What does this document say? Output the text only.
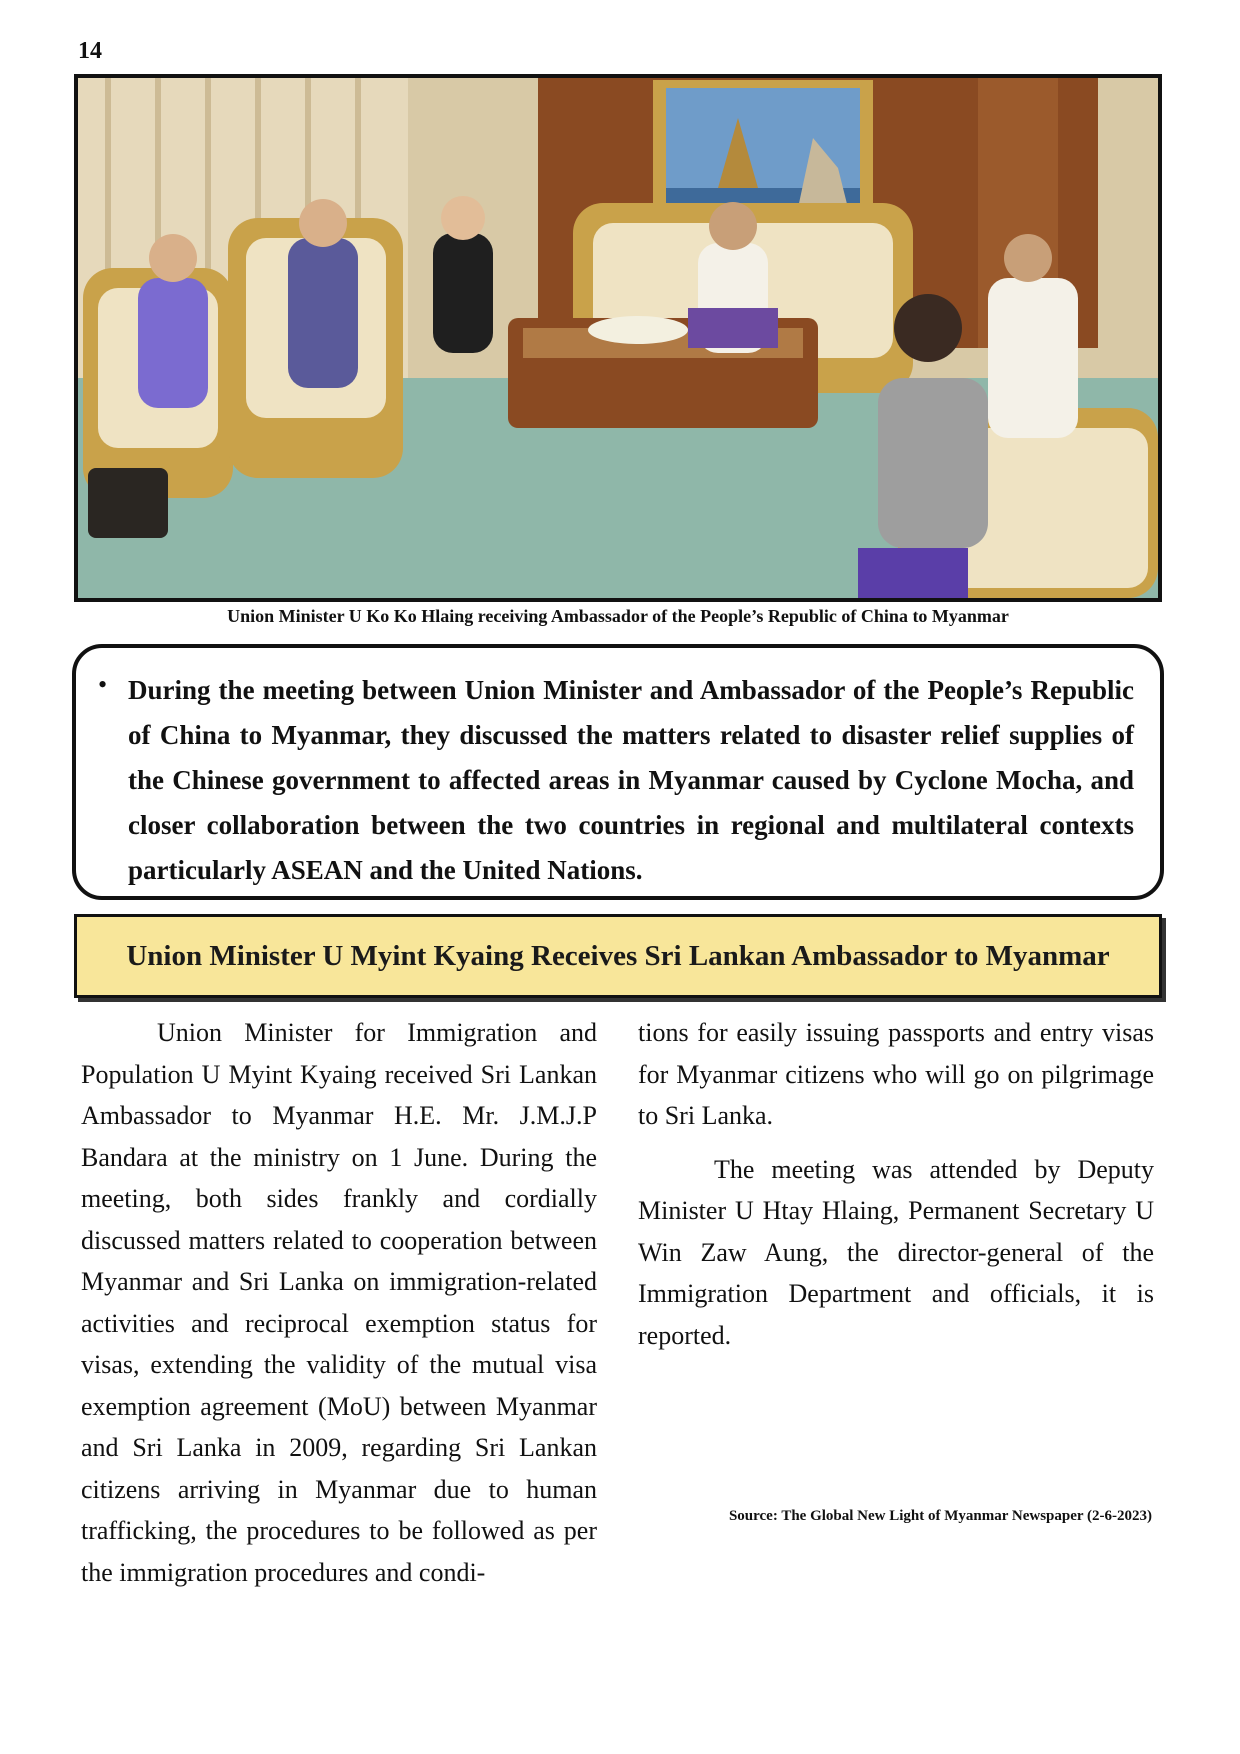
14
Union Minister U Ko Ko Hlaing receiving Ambassador of the People’s Republic of China to Myanmar
• During the meeting between Union Minister and Ambassador of the People’s Republic of China to Myanmar, they discussed the matters related to disaster relief supplies of the Chinese government to affected areas in Myanmar caused by Cyclone Mocha, and closer collaboration between the two countries in regional and multilateral contexts particularly ASEAN and the United Nations.

Union Minister U Myint Kyaing Receives Sri Lankan Ambassador to Myanmar

Union Minister for Immigration and Population U Myint Kyaing received Sri Lankan Ambassador to Myanmar H.E. Mr. J.M.J.P Bandara at the ministry on 1 June. During the meeting, both sides frankly and cordially discussed matters related to cooperation between Myanmar and Sri Lanka on immigration-related activities and reciprocal exemption status for visas, extending the validity of the mutual visa exemption agreement (MoU) between Myanmar and Sri Lanka in 2009, regarding Sri Lankan citizens arriving in Myanmar due to human trafficking, the procedures to be followed as per the immigration procedures and condi-

tions for easily issuing passports and entry visas for Myanmar citizens who will go on pilgrimage to Sri Lanka.

The meeting was attended by Deputy Minister U Htay Hlaing, Permanent Secretary U Win Zaw Aung, the director-general of the Immigration Department and officials, it is reported.

Source: The Global New Light of Myanmar Newspaper (2-6-2023)
